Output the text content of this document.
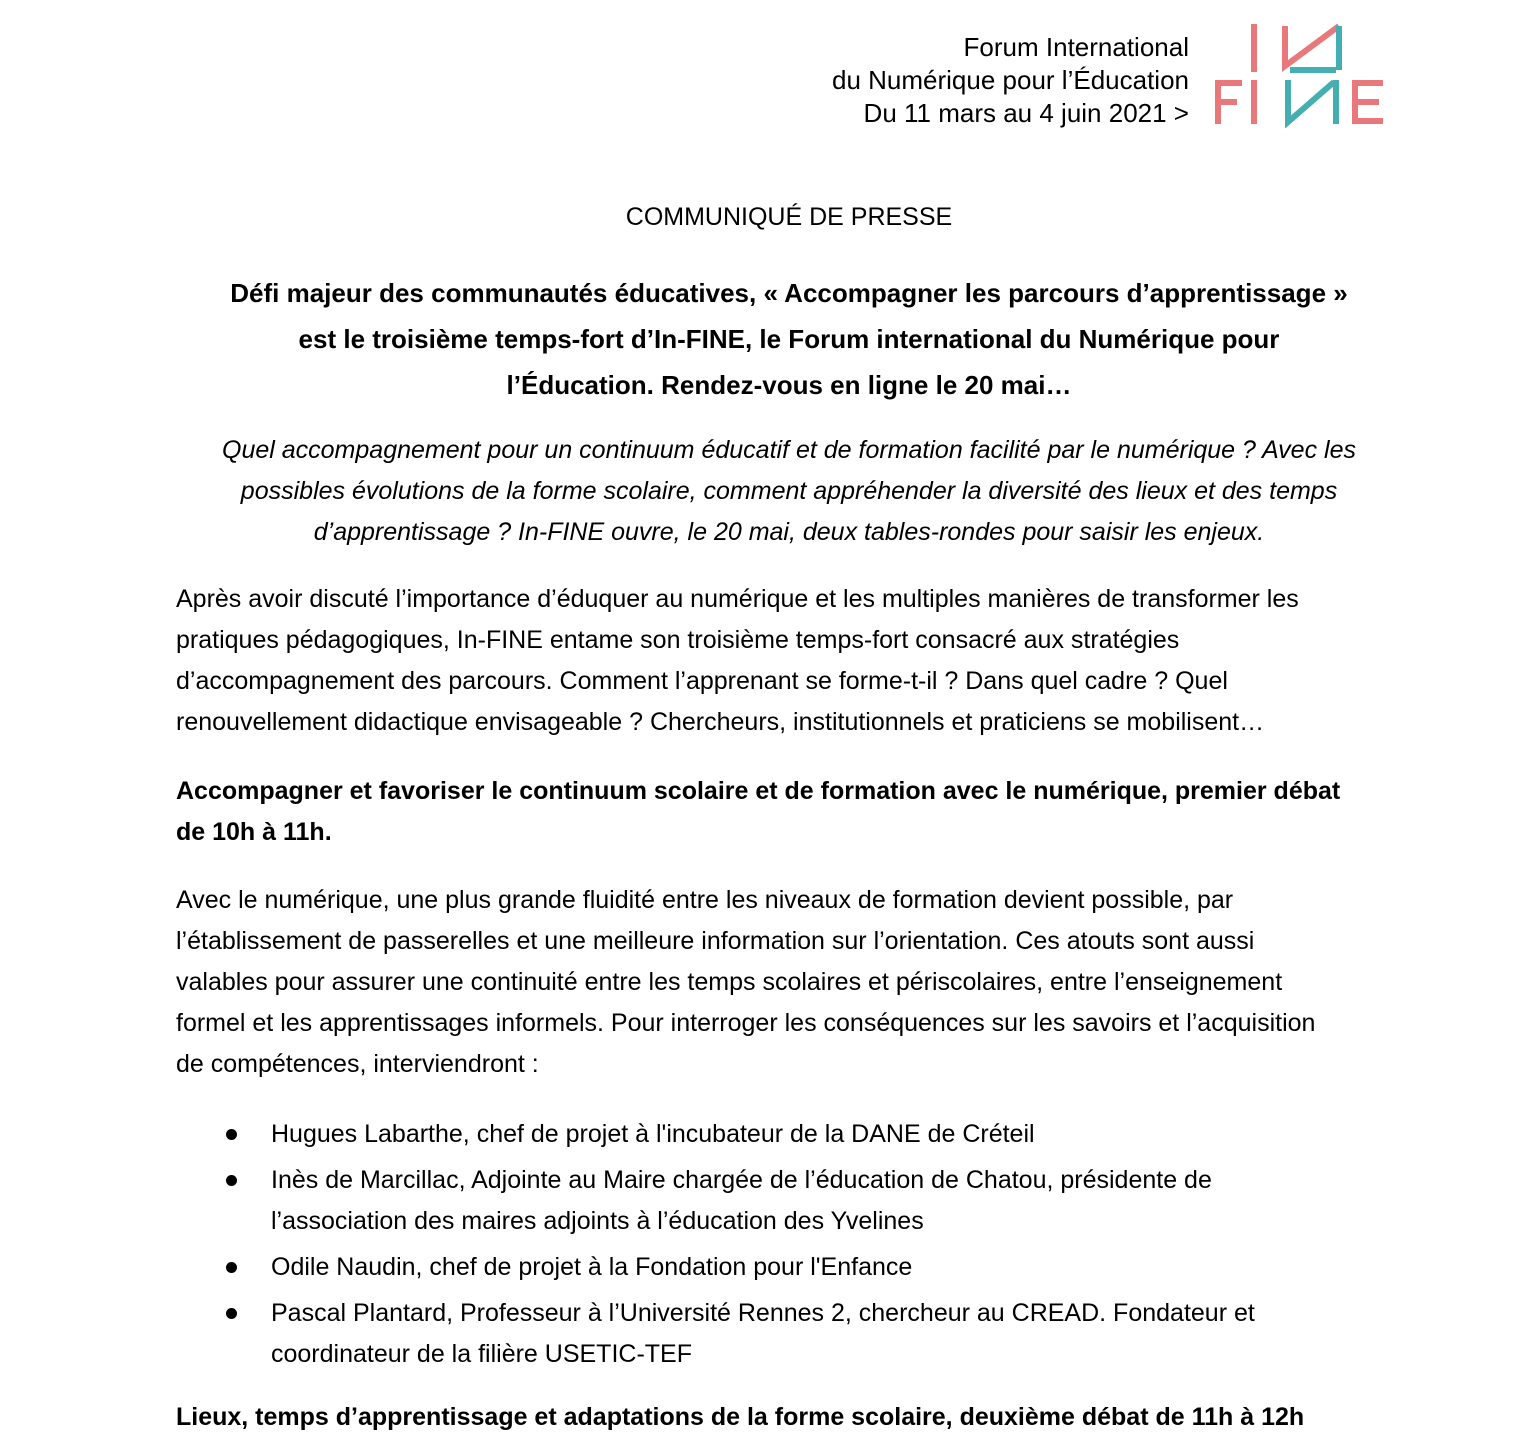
Forum International
du Numérique pour l’Éducation
Du 11 mars au 4 juin 2021 >
COMMUNIQUÉ DE PRESSE

Défi majeur des communautés éducatives, « Accompagner les parcours d’apprentissage »

est le troisième temps-fort d’In-FINE, le Forum international du Numérique pour

l’Éducation. Rendez-vous en ligne le 20 mai…

Quel accompagnement pour un continuum éducatif et de formation facilité par le numérique ? Avec les

possibles évolutions de la forme scolaire, comment appréhender la diversité des lieux et des temps

d’apprentissage ? In-FINE ouvre, le 20 mai, deux tables-rondes pour saisir les enjeux.

Après avoir discuté l’importance d’éduquer au numérique et les multiples manières de transformer les

pratiques pédagogiques, In-FINE entame son troisième temps-fort consacré aux stratégies

d’accompagnement des parcours. Comment l’apprenant se forme-t-il ? Dans quel cadre ? Quel

renouvellement didactique envisageable ? Chercheurs, institutionnels et praticiens se mobilisent…

Accompagner et favoriser le continuum scolaire et de formation avec le numérique, premier débat

de 10h à 11h.

Avec le numérique, une plus grande fluidité entre les niveaux de formation devient possible, par

l’établissement de passerelles et une meilleure information sur l’orientation. Ces atouts sont aussi

valables pour assurer une continuité entre les temps scolaires et périscolaires, entre l’enseignement

formel et les apprentissages informels. Pour interroger les conséquences sur les savoirs et l’acquisition

de compétences, interviendront :

Hugues Labarthe, chef de projet à l'incubateur de la DANE de Créteil
Inès de Marcillac, Adjointe au Maire chargée de l’éducation de Chatou, présidente de
l’association des maires adjoints à l’éducation des Yvelines
Odile Naudin, chef de projet à la Fondation pour l'Enfance
Pascal Plantard, Professeur à l’Université Rennes 2, chercheur au CREAD. Fondateur et
coordinateur de la filière USETIC-TEF

Lieux, temps d’apprentissage et adaptations de la forme scolaire, deuxième débat de 11h à 12h
